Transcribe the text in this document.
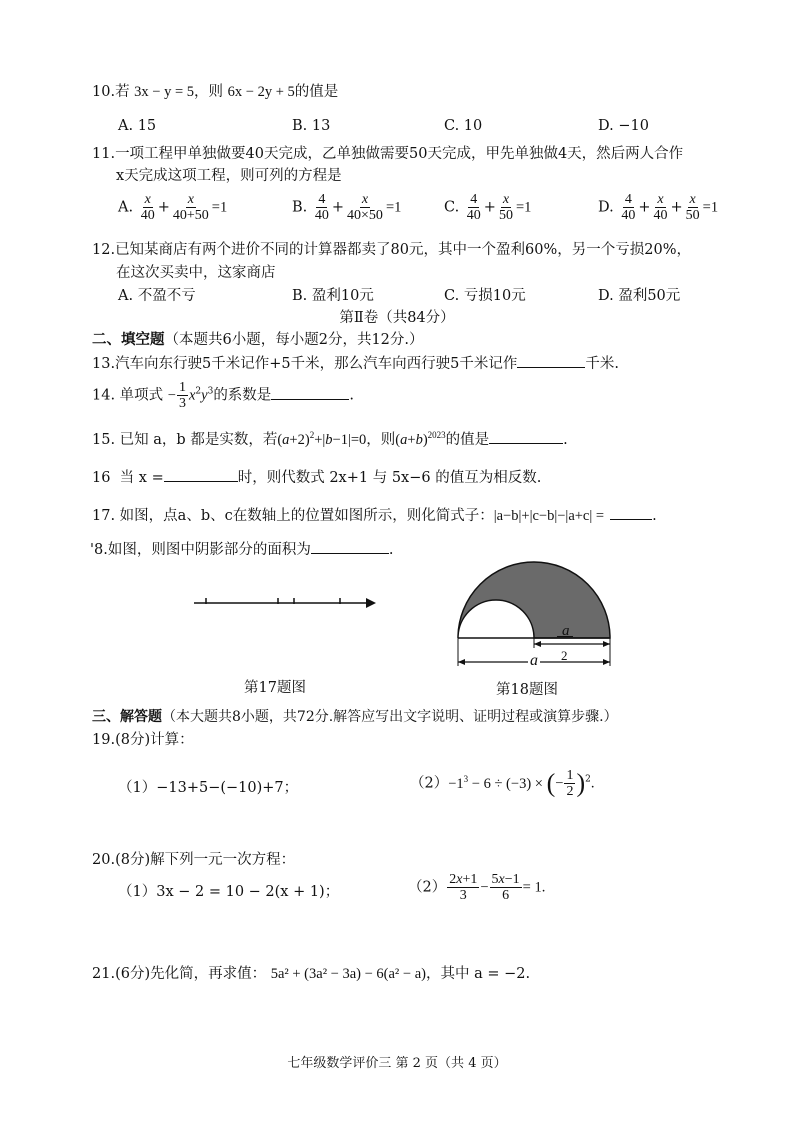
10.若 3x − y = 5，则 6x − 2y + 5的值是
A. 15	B. 13	C. 10	D. −10
11.一项工程甲单独做要40天完成，乙单独做需要50天完成，甲先单独做4天，然后两人合作
x天完成这项工程，则可列的方程是
A. $\frac{x}{40} + \frac{x}{40+50} =1$	B. $\frac{4}{40} + \frac{x}{40\times 50} =1$	C. $\frac{4}{40} + \frac{x}{50} =1$	D. $\frac{4}{40} + \frac{x}{40} + \frac{x}{50} =1$
12.已知某商店有两个进价不同的计算器都卖了80元，其中一个盈利60%，另一个亏损20%，
在这次买卖中，这家商店
A. 不盈不亏	B. 盈利10元	C. 亏损10元	D. 盈利50元
第Ⅱ卷（共84分）
二、填空题（本题共6小题，每小题2分，共12分.）
13.汽车向东行驶5千米记作+5千米，那么汽车向西行驶5千米记作	千米.
14. 单项式 − $\frac{1}{3} x^2y^3$的系数是	.
15. 已知 a，b 都是实数，若$(a+2)^2+|b-1|=0$，则$(a+b)^{2023}$的值是	.
16 当 x =	时，则代数式 2x+1 与 5x−6 的值互为相反数.
17. 如图，点a、b、c在数轴上的位置如图所示，则化简式子：|a−b|+|c−b|−|a+c| =	.
'8.如图，则图中阴影部分的面积为	.
第17题图
a
2
a
第18题图
三、解答题（本大题共8小题，共72分.解答应写出文字说明、证明过程或演算步骤.）
19.(8分)计算：
（1）−13+5−(−10)+7；	$(2)-1^3 - 6 \div (-3)$ × (− $\frac{1}{2} )^2$.
20.(8分)解下列一元一次方程：
（1）3x − 2 = 10 − 2(x + 1)；	$(2) \frac{2x+1}{3} - \frac{5x-1}{6} = 1$.
21.(6分)先化简，再求值： 5a² + (3a² − 3a) − 6(a² − a)，其中 a = −2.
七年级数学评价三 第 2 页（共 4 页）
